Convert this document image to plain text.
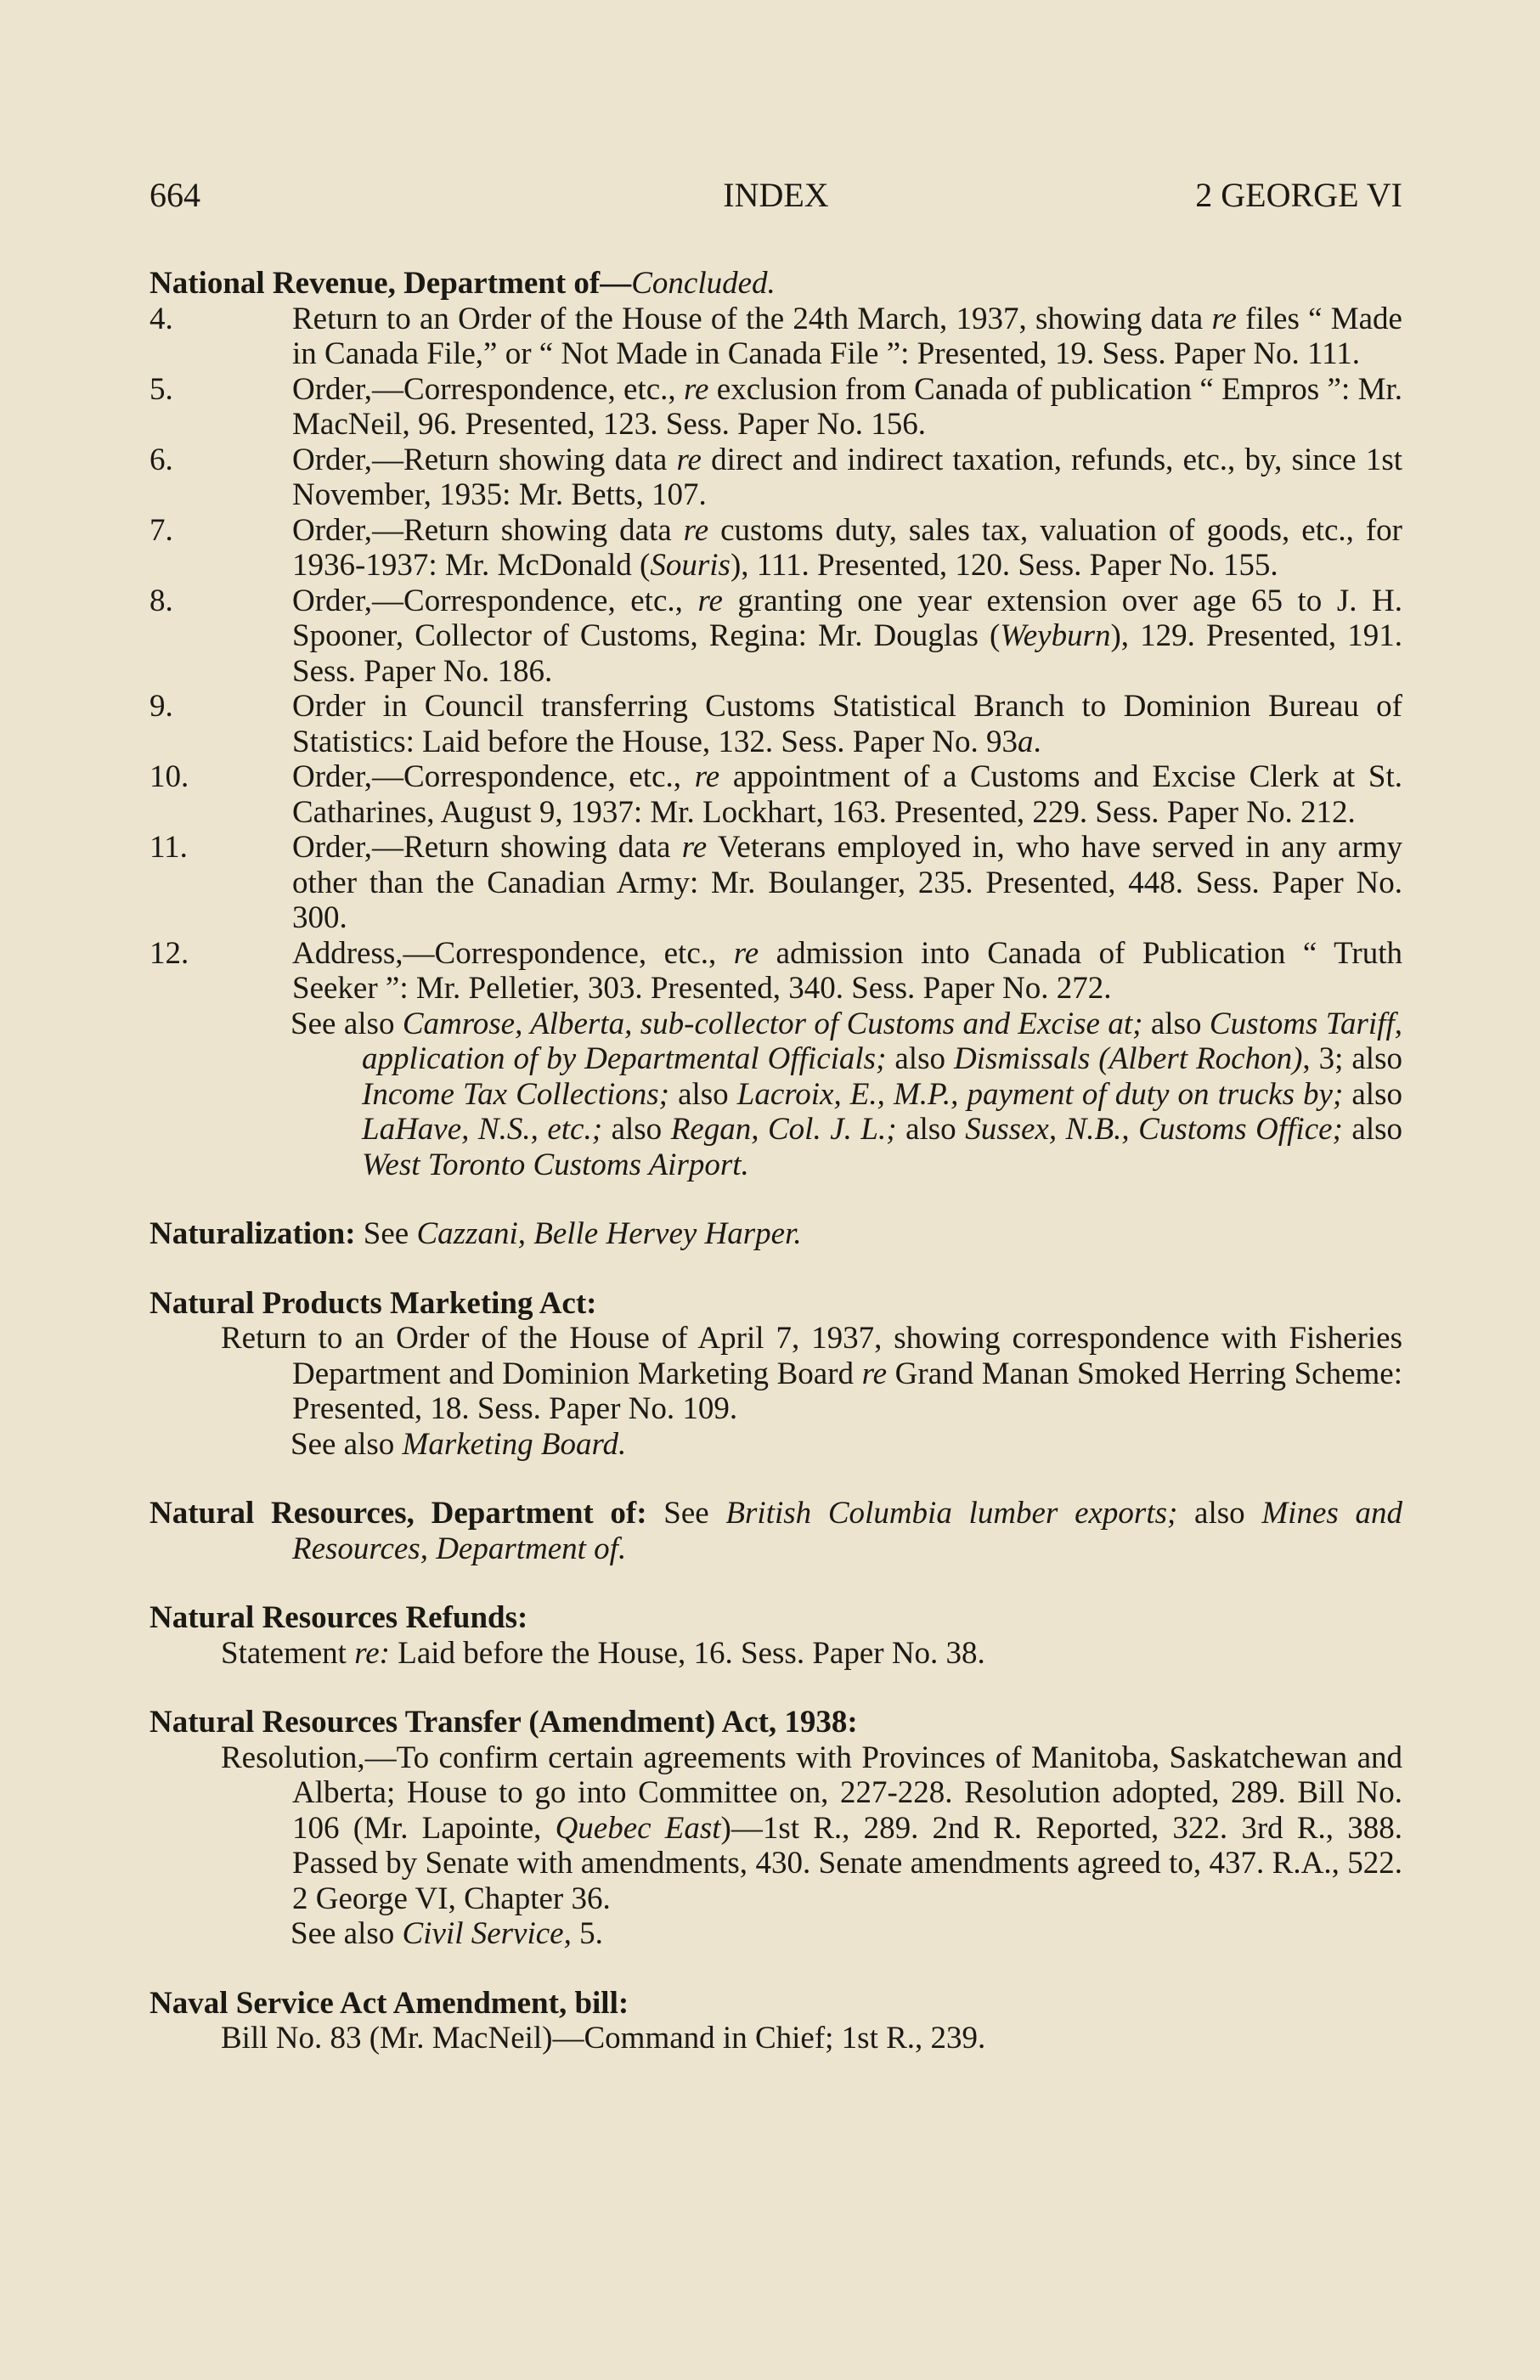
INDEX
664	2 GEORGE VI
National Revenue, Department of—Concluded.
4.	Return to an Order of the House of the 24th March, 1937, showing data re files “ Made in Canada File,” or “ Not Made in Canada File ”: Presented, 19. Sess. Paper No. 111.
5.	Order,—Correspondence, etc., re exclusion from Canada of publication “ Empros ”: Mr. MacNeil, 96. Presented, 123. Sess. Paper No. 156.
6.	Order,—Return showing data re direct and indirect taxation, refunds, etc., by, since 1st November, 1935: Mr. Betts, 107.
7.	Order,—Return showing data re customs duty, sales tax, valuation of goods, etc., for 1936-1937: Mr. McDonald (Souris), 111. Presented, 120. Sess. Paper No. 155.
8.	Order,—Correspondence, etc., re granting one year extension over age 65 to J. H. Spooner, Collector of Customs, Regina: Mr. Douglas (Weyburn), 129. Presented, 191. Sess. Paper No. 186.
9.	Order in Council transferring Customs Statistical Branch to Dominion Bureau of Statistics: Laid before the House, 132. Sess. Paper No. 93a.
10.	Order,—Correspondence, etc., re appointment of a Customs and Excise Clerk at St. Catharines, August 9, 1937: Mr. Lockhart, 163. Presented, 229. Sess. Paper No. 212.
11.	Order,—Return showing data re Veterans employed in, who have served in any army other than the Canadian Army: Mr. Boulanger, 235. Presented, 448. Sess. Paper No. 300.
12.	Address,—Correspondence, etc., re admission into Canada of Publication “ Truth Seeker ”: Mr. Pelletier, 303. Presented, 340. Sess. Paper No. 272.
See also Camrose, Alberta, sub-collector of Customs and Excise at; also Customs Tariff, application of by Departmental Officials; also Dismissals (Albert Rochon), 3; also Income Tax Collections; also Lacroix, E., M.P., payment of duty on trucks by; also LaHave, N.S., etc.; also Regan, Col. J. L.; also Sussex, N.B., Customs Office; also West Toronto Customs Airport.
Naturalization: See Cazzani, Belle Hervey Harper.
Natural Products Marketing Act:
Return to an Order of the House of April 7, 1937, showing correspondence with Fisheries Department and Dominion Marketing Board re Grand Manan Smoked Herring Scheme: Presented, 18. Sess. Paper No. 109.
See also Marketing Board.
Natural Resources, Department of: See British Columbia lumber exports; also Mines and Resources, Department of.
Natural Resources Refunds:
Statement re: Laid before the House, 16. Sess. Paper No. 38.
Natural Resources Transfer (Amendment) Act, 1938:
Resolution,—To confirm certain agreements with Provinces of Manitoba, Saskatchewan and Alberta; House to go into Committee on, 227-228. Resolution adopted, 289. Bill No. 106 (Mr. Lapointe, Quebec East)—1st R., 289. 2nd R. Reported, 322. 3rd R., 388. Passed by Senate with amendments, 430. Senate amendments agreed to, 437. R.A., 522. 2 George VI, Chapter 36.
See also Civil Service, 5.
Naval Service Act Amendment, bill:
Bill No. 83 (Mr. MacNeil)—Command in Chief; 1st R., 239.
